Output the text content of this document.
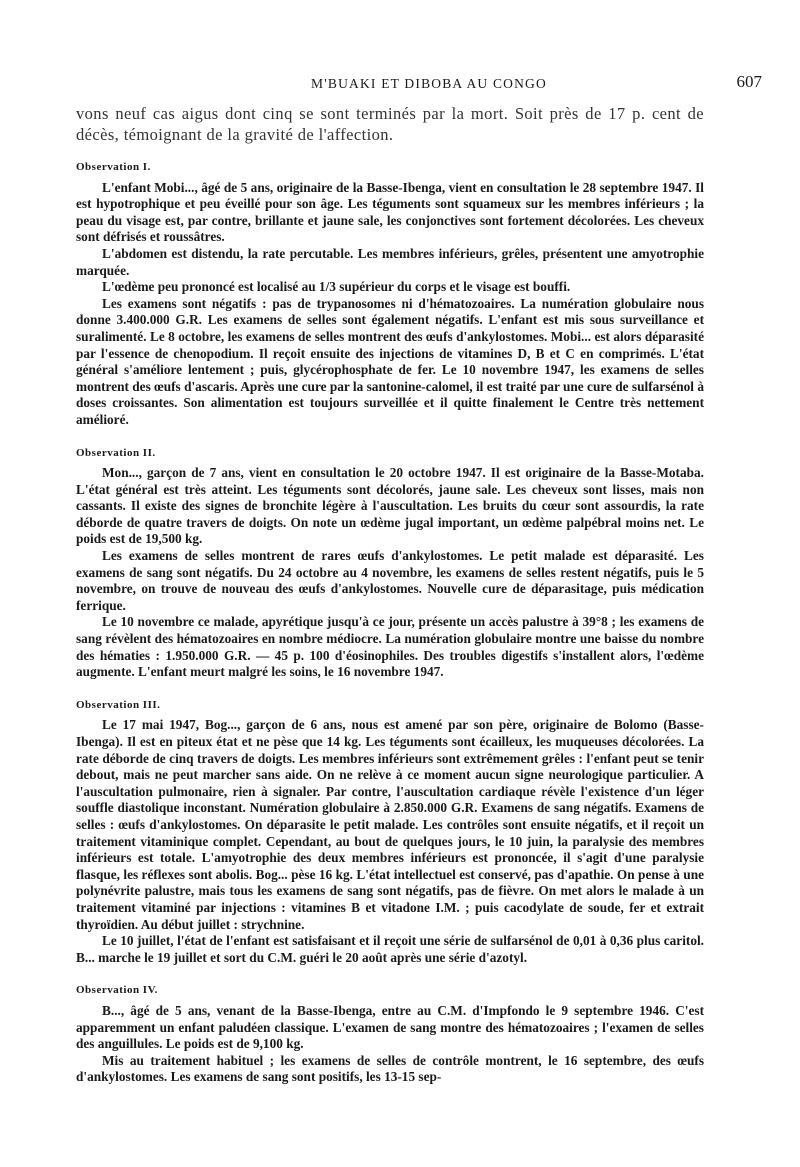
M'BUAKI ET DIBOBA AU CONGO	607
vons neuf cas aigus dont cinq se sont terminés par la mort. Soit près de 17 p. cent de décès, témoignant de la gravité de l'affection.
Observation I.

L'enfant Mobi..., âgé de 5 ans, originaire de la Basse-Ibenga, vient en consultation le 28 septembre 1947. Il est hypotrophique et peu éveillé pour son âge. Les téguments sont squameux sur les membres inférieurs ; la peau du visage est, par contre, brillante et jaune sale, les conjonctives sont fortement décolorées. Les cheveux sont défrisés et roussâtres.

L'abdomen est distendu, la rate percutable. Les membres inférieurs, grêles, présentent une amyotrophie marquée.

L'œdème peu prononcé est localisé au 1/3 supérieur du corps et le visage est bouffi.

Les examens sont négatifs : pas de trypanosomes ni d'hématozoaires. La numération globulaire nous donne 3.400.000 G.R. Les examens de selles sont également négatifs. L'enfant est mis sous surveillance et suralimenté. Le 8 octobre, les examens de selles montrent des œufs d'ankylostomes. Mobi... est alors déparasité par l'essence de chenopodium. Il reçoit ensuite des injections de vitamines D, B et C en comprimés. L'état général s'améliore lentement ; puis, glycérophosphate de fer. Le 10 novembre 1947, les examens de selles montrent des œufs d'ascaris. Après une cure par la santonine-calomel, il est traité par une cure de sulfarsénol à doses croissantes. Son alimentation est toujours surveillée et il quitte finalement le Centre très nettement amélioré.

Observation II.

Mon..., garçon de 7 ans, vient en consultation le 20 octobre 1947. Il est originaire de la Basse-Motaba. L'état général est très atteint. Les téguments sont décolorés, jaune sale. Les cheveux sont lisses, mais non cassants. Il existe des signes de bronchite légère à l'auscultation. Les bruits du cœur sont assourdis, la rate déborde de quatre travers de doigts. On note un œdème jugal important, un œdème palpébral moins net. Le poids est de 19,500 kg.

Les examens de selles montrent de rares œufs d'ankylostomes. Le petit malade est déparasité. Les examens de sang sont négatifs. Du 24 octobre au 4 novembre, les examens de selles restent négatifs, puis le 5 novembre, on trouve de nouveau des œufs d'ankylostomes. Nouvelle cure de déparasitage, puis médication ferrique.

Le 10 novembre ce malade, apyrétique jusqu'à ce jour, présente un accès palustre à 39°8 ; les examens de sang révèlent des hématozoaires en nombre médiocre. La numération globulaire montre une baisse du nombre des hématies : 1.950.000 G.R. — 45 p. 100 d'éosinophiles. Des troubles digestifs s'installent alors, l'œdème augmente. L'enfant meurt malgré les soins, le 16 novembre 1947.

Observation III.

Le 17 mai 1947, Bog..., garçon de 6 ans, nous est amené par son père, originaire de Bolomo (Basse-Ibenga). Il est en piteux état et ne pèse que 14 kg. Les téguments sont écailleux, les muqueuses décolorées. La rate déborde de cinq travers de doigts. Les membres inférieurs sont extrêmement grêles : l'enfant peut se tenir debout, mais ne peut marcher sans aide. On ne relève à ce moment aucun signe neurologique particulier. A l'auscultation pulmonaire, rien à signaler. Par contre, l'auscultation cardiaque révèle l'existence d'un léger souffle diastolique inconstant. Numération globulaire à 2.850.000 G.R. Examens de sang négatifs. Examens de selles : œufs d'ankylostomes. On déparasite le petit malade. Les contrôles sont ensuite négatifs, et il reçoit un traitement vitaminique complet. Cependant, au bout de quelques jours, le 10 juin, la paralysie des membres inférieurs est totale. L'amyotrophie des deux membres inférieurs est prononcée, il s'agit d'une paralysie flasque, les réflexes sont abolis. Bog... pèse 16 kg. L'état intellectuel est conservé, pas d'apathie. On pense à une polynévrite palustre, mais tous les examens de sang sont négatifs, pas de fièvre. On met alors le malade à un traitement vitaminé par injections : vitamines B et vitadone I.M. ; puis cacodylate de soude, fer et extrait thyroïdien. Au début juillet : strychnine.

Le 10 juillet, l'état de l'enfant est satisfaisant et il reçoit une série de sulfarsénol de 0,01 à 0,36 plus caritol. B... marche le 19 juillet et sort du C.M. guéri le 20 août après une série d'azotyl.

Observation IV.

B..., âgé de 5 ans, venant de la Basse-Ibenga, entre au C.M. d'Impfondo le 9 septembre 1946. C'est apparemment un enfant paludéen classique. L'examen de sang montre des hématozoaires ; l'examen de selles des anguillules. Le poids est de 9,100 kg.

Mis au traitement habituel ; les examens de selles de contrôle montrent, le 16 septembre, des œufs d'ankylostomes. Les examens de sang sont positifs, les 13-15 sep-
